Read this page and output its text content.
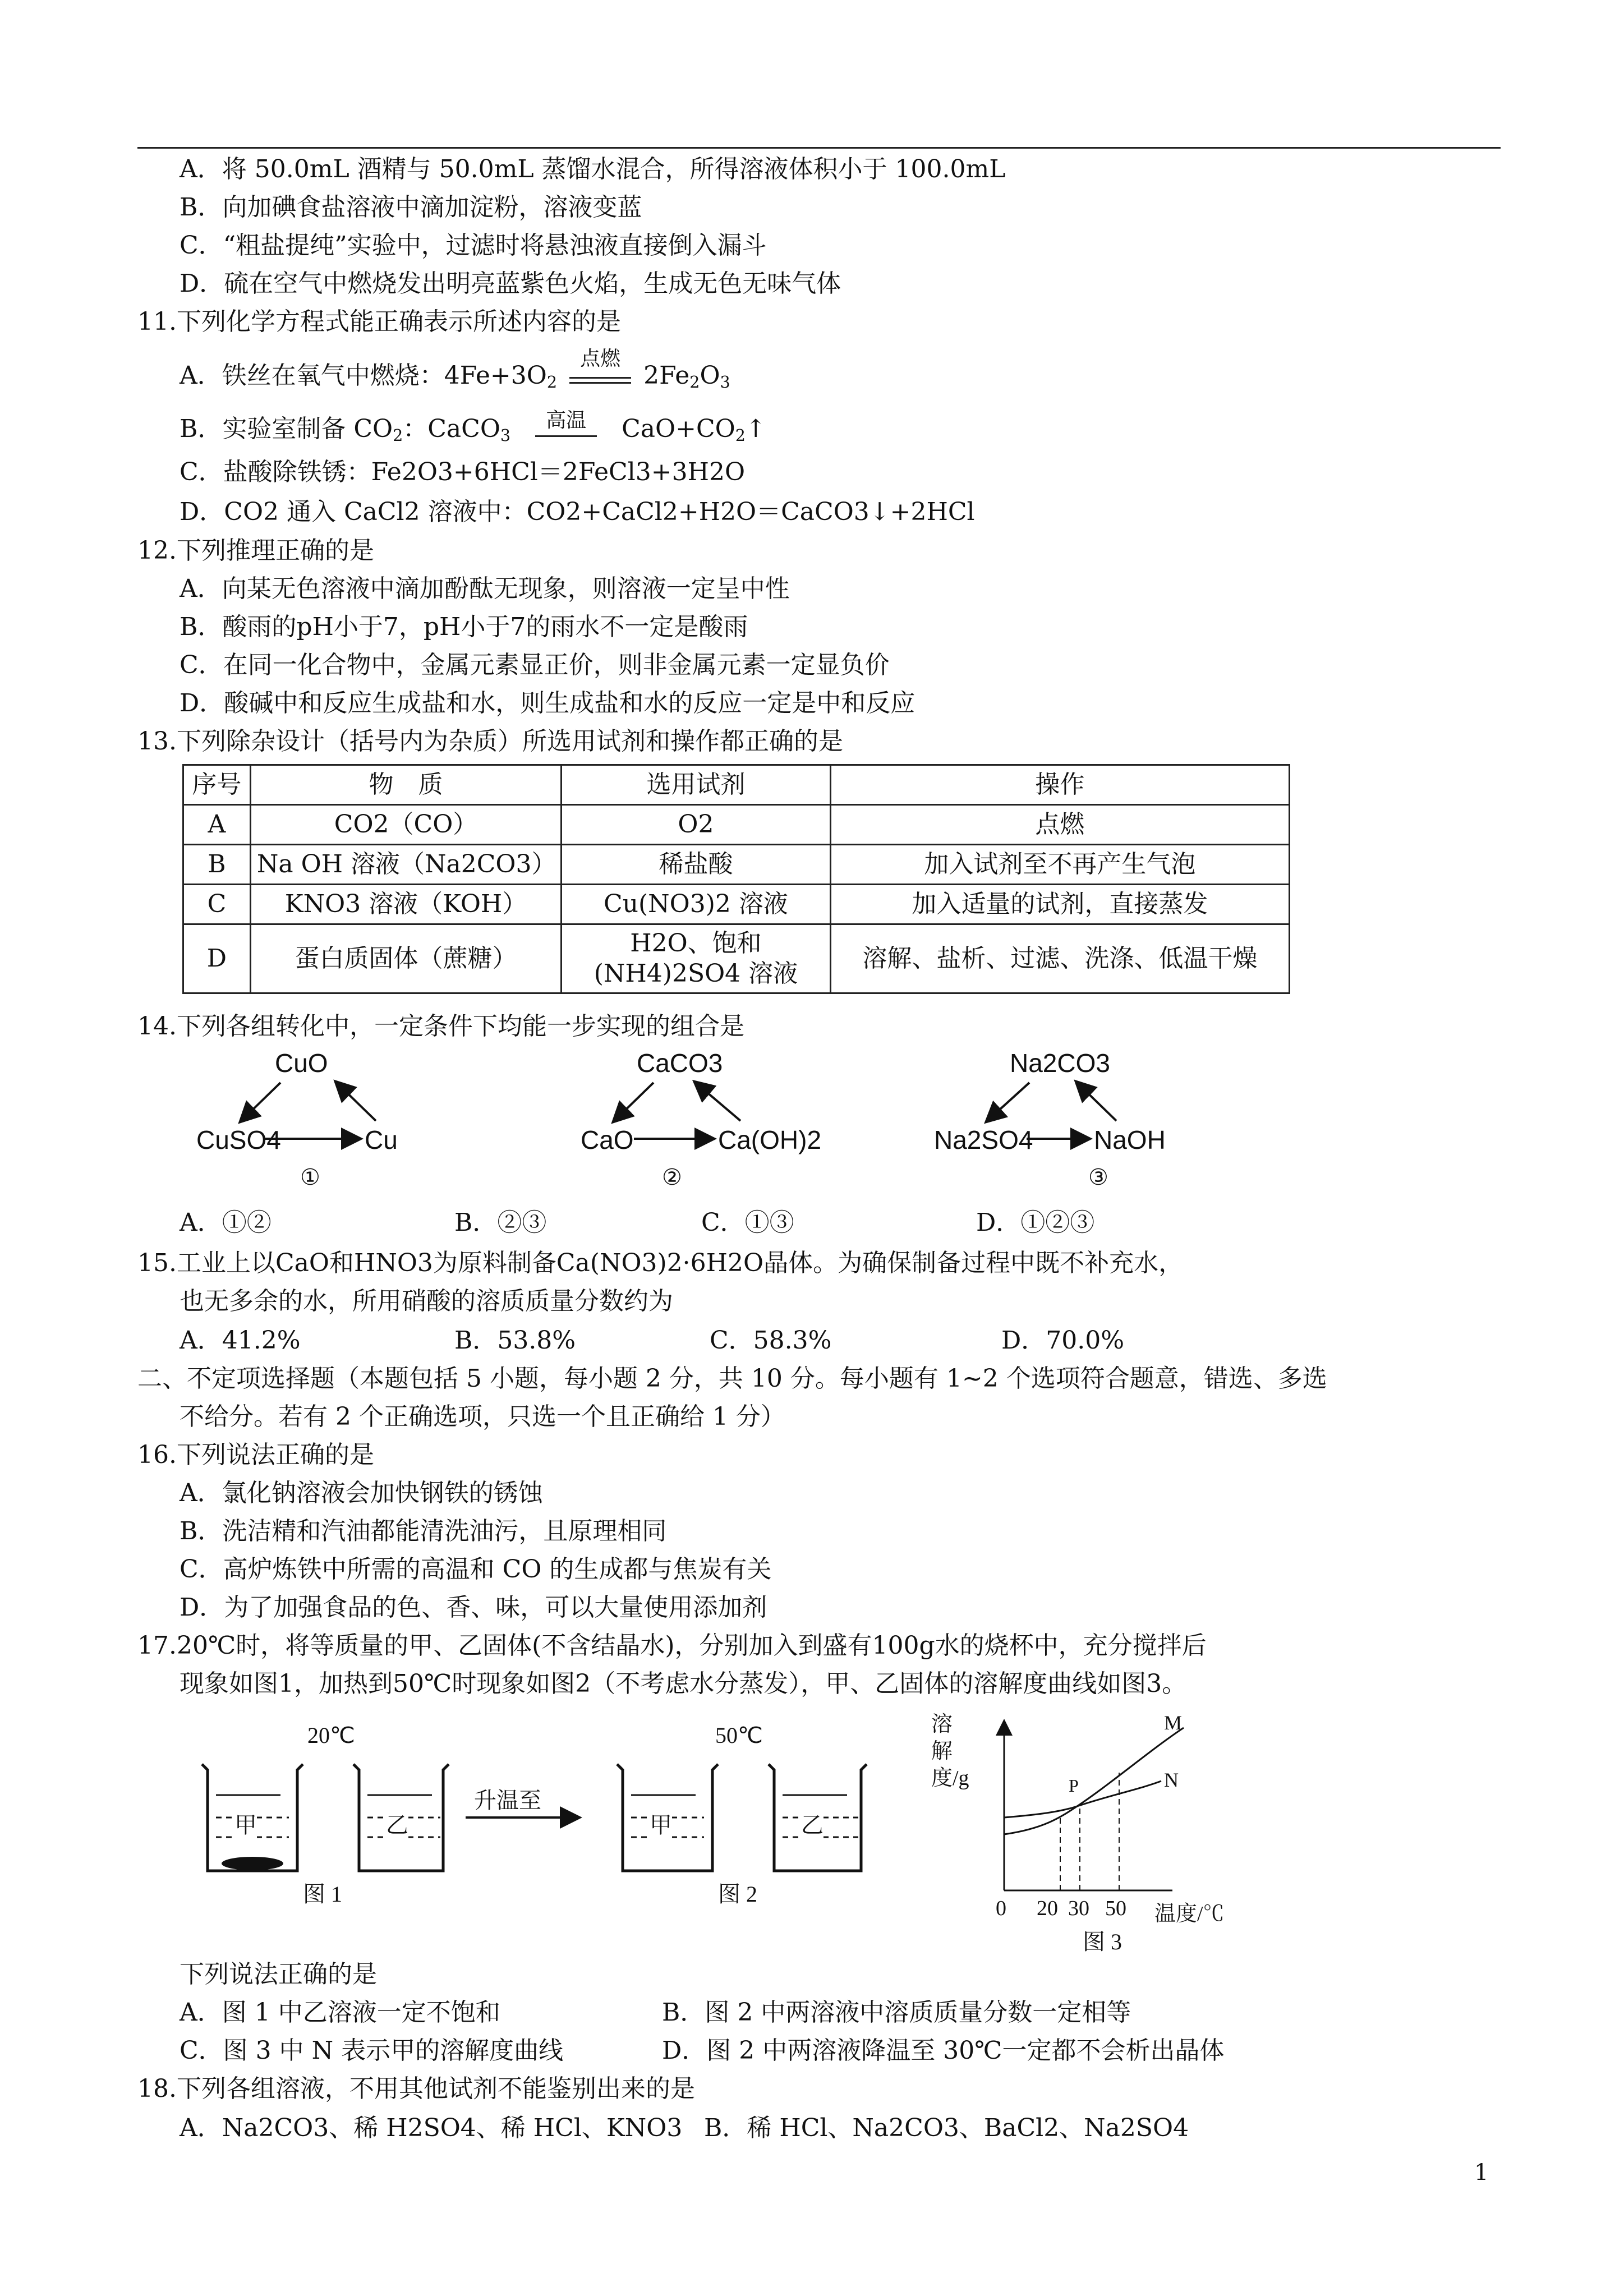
A．将 50.0mL 酒精与 50.0mL 蒸馏水混合，所得溶液体积小于 100.0mL
B．向加碘食盐溶液中滴加淀粉，溶液变蓝
C．“粗盐提纯”实验中，过滤时将悬浊液直接倒入漏斗
D．硫在空气中燃烧发出明亮蓝紫色火焰，生成无色无味气体
11.下列化学方程式能正确表示所述内容的是
A．铁丝在氧气中燃烧：$4Fe+3O_2$
点燃
$2Fe_2O_3$
B．实验室制备 $CO_2$：CaCO$_3$
高温	$CaO+CO_2↑$
C．盐酸除铁锈：Fe2O3+6HCl＝2FeCl3+3H2O
D．CO2 通入 CaCl2 溶液中：CO2+CaCl2+H2O＝CaCO3↓+2HCl
12.下列推理正确的是
A．向某无色溶液中滴加酚酞无现象，则溶液一定呈中性
B．酸雨的pH小于7，pH小于7的雨水不一定是酸雨
C．在同一化合物中，金属元素显正价，则非金属元素一定显负价
D．酸碱中和反应生成盐和水，则生成盐和水的反应一定是中和反应
13.下列除杂设计（括号内为杂质）所选用试剂和操作都正确的是
序号	物　质	选用试剂	操作
A	CO2（CO）	O2	点燃
B	Na OH 溶液（Na2CO3）	稀盐酸	加入试剂至不再产生气泡
C	KNO3 溶液（KOH）	Cu(NO3)2 溶液	加入适量的试剂，直接蒸发
D	蛋白质固体（蔗糖）	H2O、饱和(NH4)2SO4 溶液	溶解、盐析、过滤、洗涤、低温干燥
14.下列各组转化中，一定条件下均能一步实现的组合是
CuO
CuSO4	Cu
①
CaCO3
CaO	Ca(OH)2
②
Na2CO3
Na2SO4 NaOH
③
A．①②	B．②③	C．①③	D．①②③
15.工业上以CaO和HNO3为原料制备Ca(NO3)2·6H2O晶体。为确保制备过程中既不补充水，
也无多余的水，所用硝酸的溶质质量分数约为
A．41.2%	B．53.8%	C．58.3%	D．70.0%
二、不定项选择题（本题包括 5 小题，每小题 2 分，共 10 分。每小题有 1~2 个选项符合题意，错选、多选
不给分。若有 2 个正确选项，只选一个且正确给 1 分）
16.下列说法正确的是
A．氯化钠溶液会加快钢铁的锈蚀
B．洗洁精和汽油都能清洗油污，且原理相同
C．高炉炼铁中所需的高温和 CO 的生成都与焦炭有关
D．为了加强食品的色、香、味，可以大量使用添加剂
17.20℃时，将等质量的甲、乙固体(不含结晶水)，分别加入到盛有100g水的烧杯中，充分搅拌后
现象如图1，加热到50℃时现象如图2（不考虑水分蒸发），甲、乙固体的溶解度曲线如图3。
20℃	50℃
甲	乙	甲	乙
升温至
图 1	图 2
溶解度/g
M
N
P
0 20 30 50 温度/℃
图 3
下列说法正确的是
A．图 1 中乙溶液一定不饱和	B．图 2 中两溶液中溶质质量分数一定相等
C．图 3 中 N 表示甲的溶解度曲线	D．图 2 中两溶液降温至 30℃一定都不会析出晶体
18.下列各组溶液，不用其他试剂不能鉴别出来的是
A．Na2CO3、稀 H2SO4、稀 HCl、KNO3 B．稀 HCl、Na2CO3、BaCl2、Na2SO4
1
